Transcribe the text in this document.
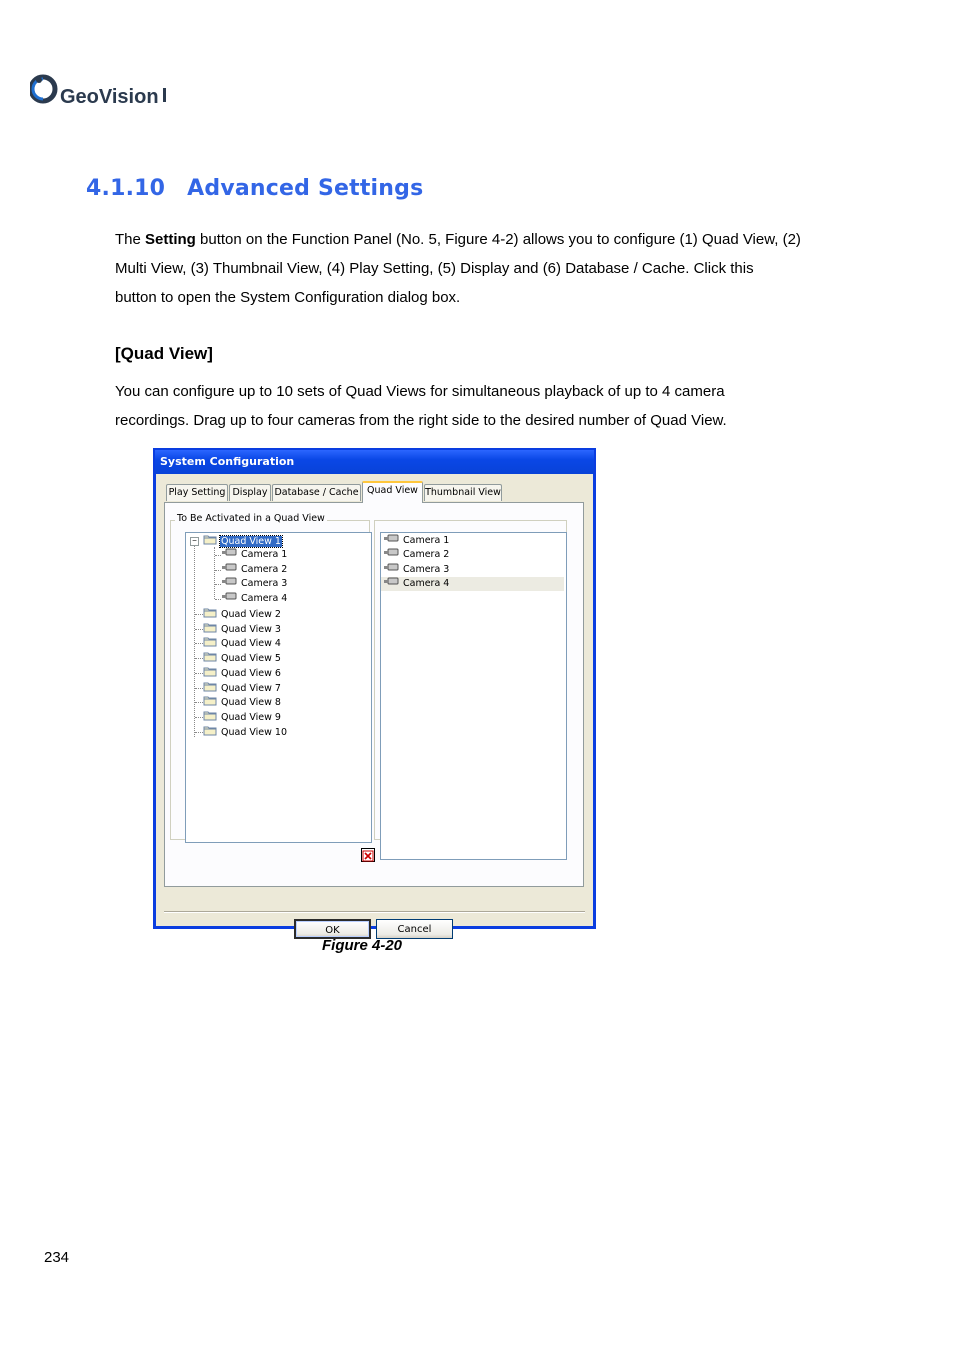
GeoVision
4.1.10 Advanced Settings
The Setting button on the Function Panel (No. 5, Figure 4-2) allows you to configure (1) Quad View, (2)
Multi View, (3) Thumbnail View, (4) Play Setting, (5) Display and (6) Database / Cache. Click this
button to open the System Configuration dialog box.
[Quad View]
You can configure up to 10 sets of Quad Views for simultaneous playback of up to 4 camera
recordings. Drag up to four cameras from the right side to the desired number of Quad View.
System Configuration
Play Setting Display Database / Cache Quad View Thumbnail View
To Be Activated in a Quad View
−	Quad View 1
Camera 1
Camera 2
Camera 3
Camera 4
Quad View 2
Quad View 3
Quad View 4
Quad View 5
Quad View 6
Quad View 7
Quad View 8
Quad View 9
Quad View 10
Camera 1
Camera 2
Camera 3
Camera 4
OK	Cancel
Figure 4-20
234
